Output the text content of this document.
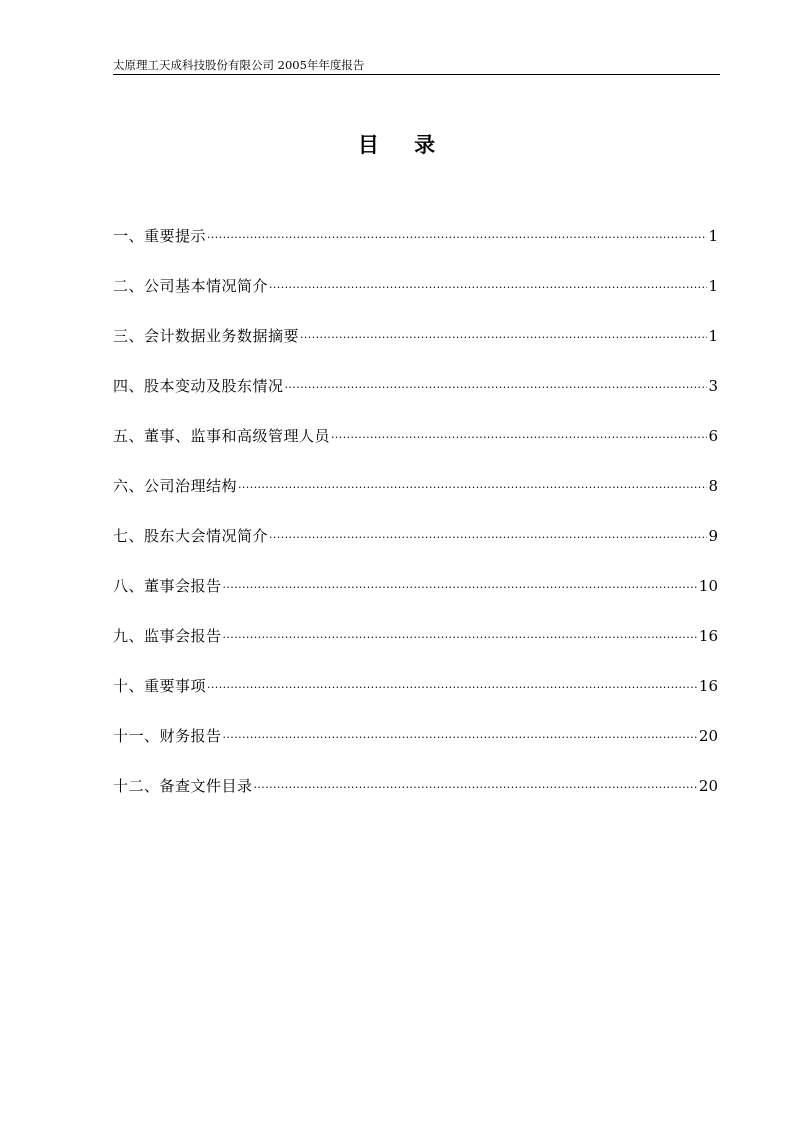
太原理工天成科技股份有限公司 2005年年度报告
目 录
一、重要提示 ·····	1
二、公司基本情况简介 ·····	1
三、会计数据业务数据摘要 ·····	1
四、股本变动及股东情况 ·····	3
五、董事、监事和高级管理人员 ·····	6
六、公司治理结构 ·····	8
七、股东大会情况简介 ·····	9
八、董事会报告 ·····	10
九、监事会报告 ·····	16
十、重要事项 ·····	16
十一、财务报告 ·····	20
十二、备查文件目录 ·····	20
